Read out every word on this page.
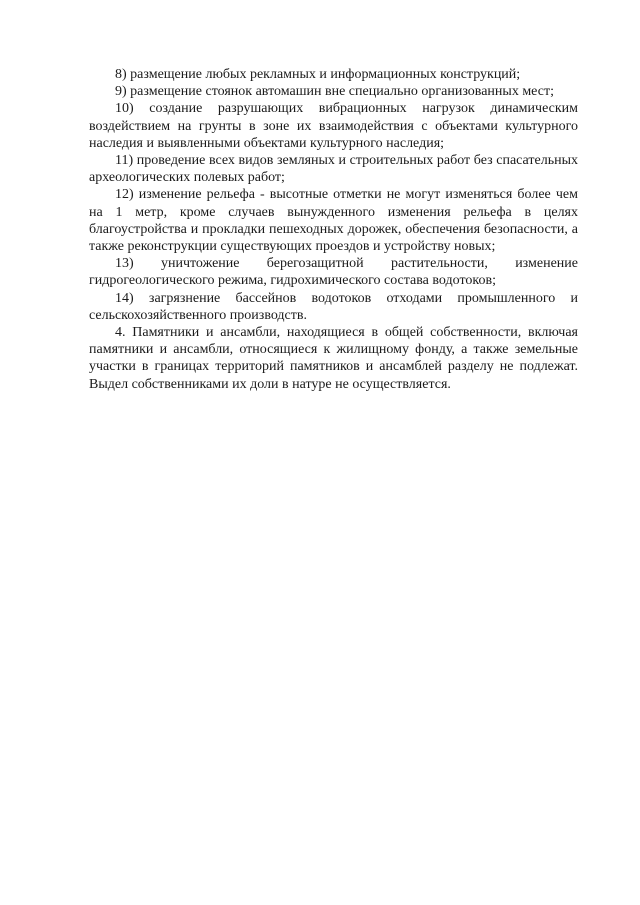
8) размещение любых рекламных и информационных конструкций;

9) размещение стоянок автомашин вне специально организованных мест;

10) создание разрушающих вибрационных нагрузок динамическим воздействием на грунты в зоне их взаимодействия с объектами культурного наследия и выявленными объектами культурного наследия;

11) проведение всех видов земляных и строительных работ без спасательных археологических полевых работ;

12) изменение рельефа - высотные отметки не могут изменяться более чем на 1 метр, кроме случаев вынужденного изменения рельефа в целях благоустройства и прокладки пешеходных дорожек, обеспечения безопасности, а также реконструкции существующих проездов и устройству новых;

13) уничтожение берегозащитной растительности, изменение гидрогеологического режима, гидрохимического состава водотоков;

14) загрязнение бассейнов водотоков отходами промышленного и сельскохозяйственного производств.

4. Памятники и ансамбли, находящиеся в общей собственности, включая памятники и ансамбли, относящиеся к жилищному фонду, а также земельные участки в границах территорий памятников и ансамблей разделу не подлежат. Выдел собственниками их доли в натуре не осуществляется.
